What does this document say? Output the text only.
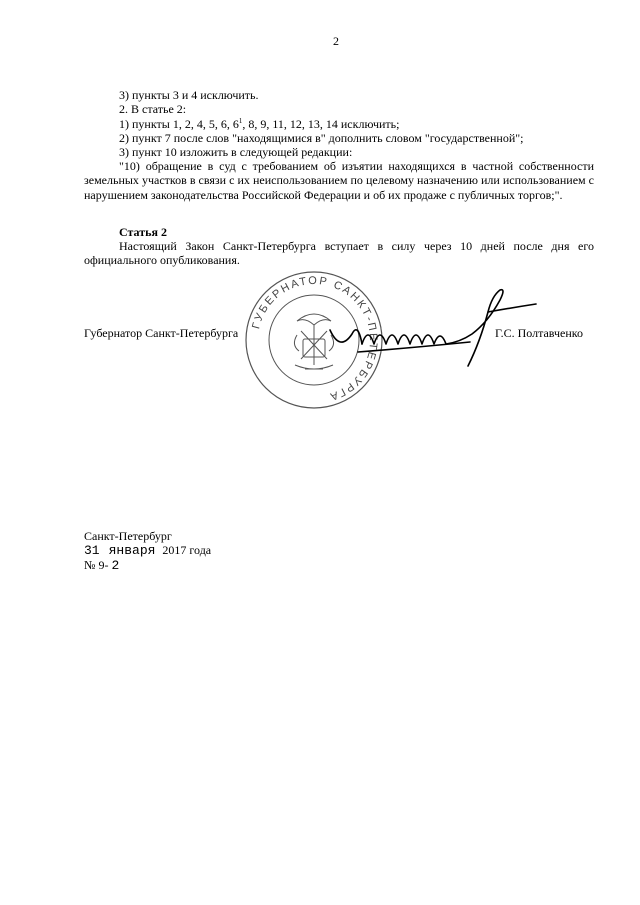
2
3) пункты 3 и 4 исключить.
2. В статье 2:
1) пункты 1, 2, 4, 5, 6, $6^1$, 8, 9, 11, 12, 13, 14 исключить;
2) пункт 7 после слов "находящимися в" дополнить словом "государственной";
3) пункт 10 изложить в следующей редакции:
"10) обращение в суд с требованием об изъятии находящихся в частной собственности земельных участков в связи с их неиспользованием по целевому назначению или использованием с нарушением законодательства Российской Федерации и об их продаже с публичных торгов;".
Статья 2
Настоящий Закон Санкт-Петербурга вступает в силу через 10 дней после дня его официального опубликования.
ГУБЕРНАТОР САНКТ-ПЕТЕРБУРГА
Губернатор Санкт-Петербурга	Г.С. Полтавченко
Санкт-Петербург
31 января 2017 года
№ 9- 2
